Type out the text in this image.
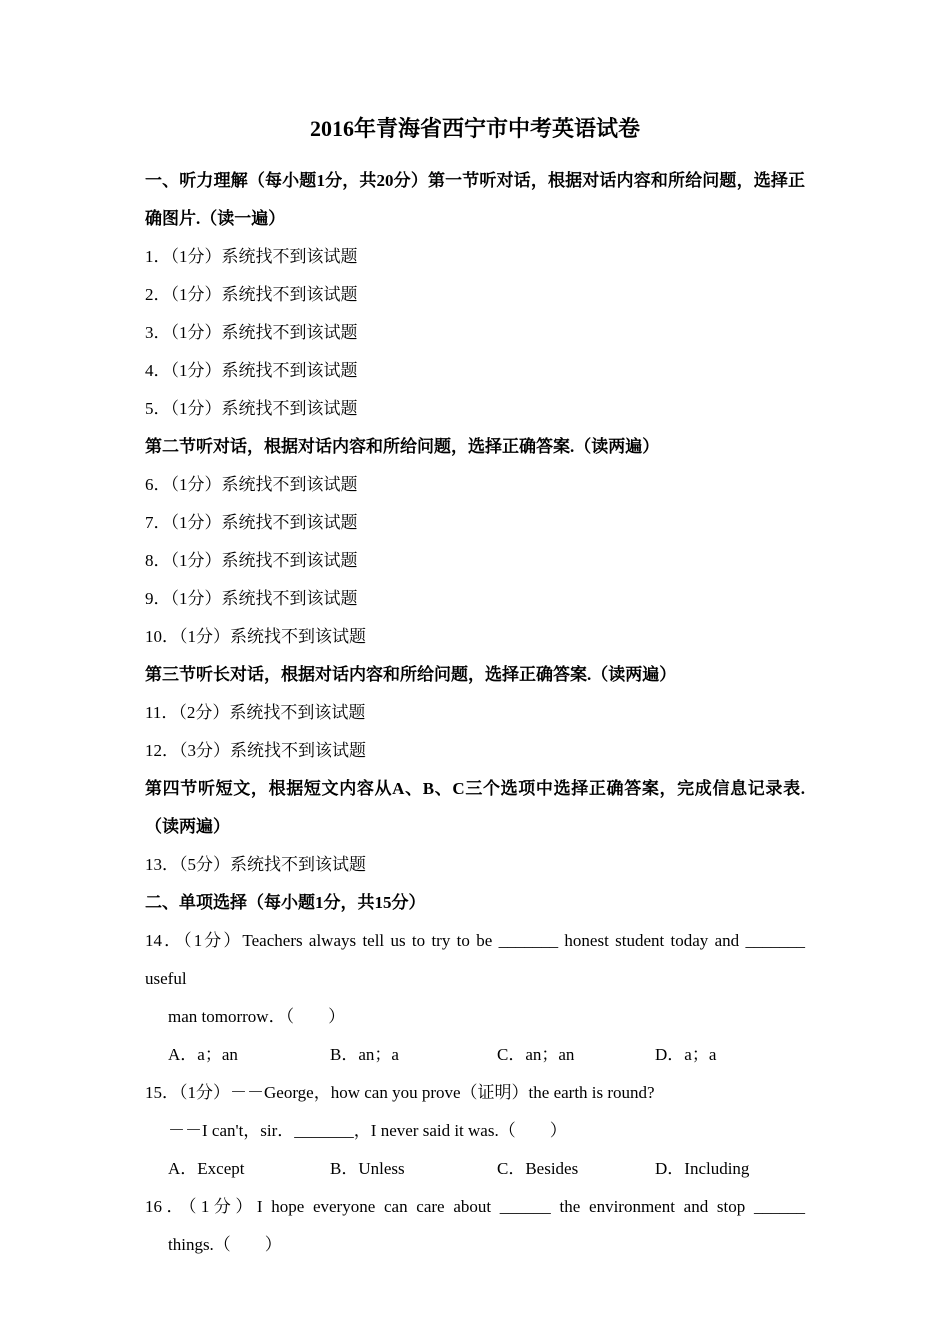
2016年青海省西宁市中考英语试卷

一、听力理解（每小题1分，共20分）第一节听对话，根据对话内容和所给问题，选择正确图片.（读一遍）

1．（1分）系统找不到该试题

2．（1分）系统找不到该试题

3．（1分）系统找不到该试题

4．（1分）系统找不到该试题

5．（1分）系统找不到该试题

第二节听对话，根据对话内容和所给问题，选择正确答案.（读两遍）

6．（1分）系统找不到该试题

7．（1分）系统找不到该试题

8．（1分）系统找不到该试题

9．（1分）系统找不到该试题

10．（1分）系统找不到该试题

第三节听长对话，根据对话内容和所给问题，选择正确答案.（读两遍）

11．（2分）系统找不到该试题

12．（3分）系统找不到该试题

第四节听短文，根据短文内容从A、B、C三个选项中选择正确答案，完成信息记录表.（读两遍）

13．（5分）系统找不到该试题

二、单项选择（每小题1分，共15分）

14．（1分）Teachers always tell us to try to be _______ honest student today and _______ useful

man tomorrow．（　　）

A．a；an	B．an；a	C．an；an	D．a；a

15．（1分）－－George，how can you prove（证明）the earth is round?

－－I can't，sir．_______，I never said it was.（　　）

A．Except	B．Unless	C．Besides	D．Including

16．（1分）I hope everyone can care about ______ the environment and stop ______

things.（　　）
